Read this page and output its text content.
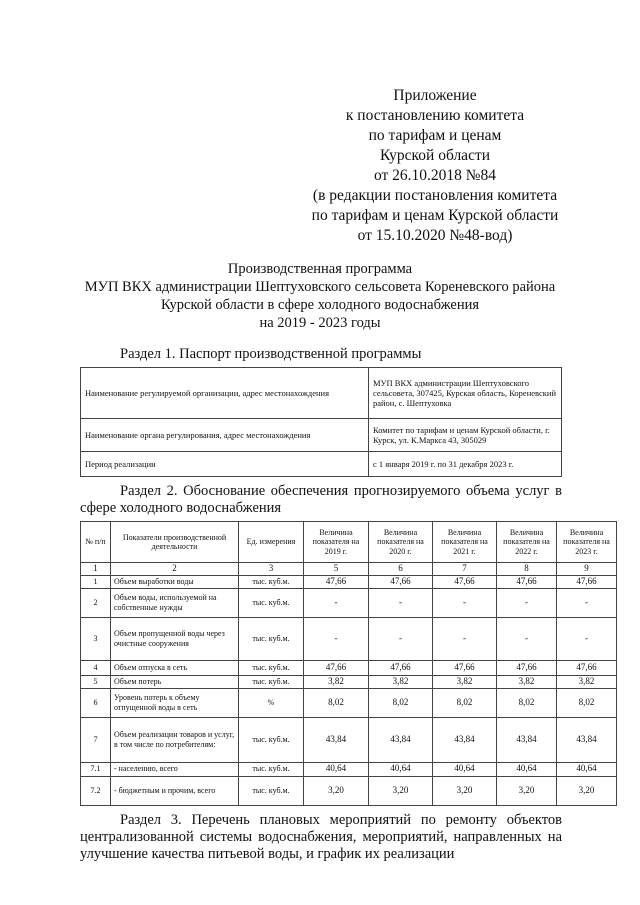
Приложение
к постановлению комитета
по тарифам и ценам
Курской области
от 26.10.2018 №84
(в редакции постановления комитета
по тарифам и ценам Курской области
от 15.10.2020 №48-вод)
Производственная программа
МУП ВКХ администрации Шептуховского сельсовета Кореневского района
Курской области в сфере холодного водоснабжения
на 2019 - 2023 годы
Раздел 1. Паспорт производственной программы
Наименование регулируемой организации, адрес местонахождения	МУП ВКХ администрации Шептуховского сельсовета, 307425, Курская область, Кореневский район, с. Шептуховка
Наименование органа регулирования, адрес местонахождения	Комитет по тарифам и ценам Курской области, г. Курск, ул. К.Маркса 43, 305029
Период реализации	с 1 января 2019 г. по 31 декабря 2023 г.
Раздел 2. Обоснование обеспечения прогнозируемого объема услуг в сфере холодного водоснабжения
№ п/п	Показатели производственной деятельности	Ед. измерения	Величина показателя на 2019 г.	Величина показателя на 2020 г.	Величина показателя на 2021 г.	Величина показателя на 2022 г.	Величина показателя на 2023 г.
1	2	3	5	6	7	8	9
1	Объем выработки воды	тыс. куб.м.	47,66	47,66	47,66	47,66	47,66
2	Объем воды, используемой на собственные нужды	тыс. куб.м.	-	-	-	-	-
3	Объем пропущенной воды через очистные сооружения	тыс. куб.м.	-	-	-	-	-
4	Объем отпуска в сеть	тыс. куб.м.	47,66	47,66	47,66	47,66	47,66
5	Объем потерь	тыс. куб.м.	3,82	3,82	3,82	3,82	3,82
6	Уровень потерь к объему отпущенной воды в сеть	%	8,02	8,02	8,02	8,02	8,02
7	Объем реализации товаров и услуг, в том числе по потребителям:	тыс. куб.м.	43,84	43,84	43,84	43,84	43,84
7.1	- населению, всего	тыс. куб.м.	40,64	40,64	40,64	40,64	40,64
7.2	- бюджетным и прочим, всего	тыс. куб.м.	3,20	3,20	3,20	3,20	3,20
Раздел 3. Перечень плановых мероприятий по ремонту объектов централизованной системы водоснабжения, мероприятий, направленных на улучшение качества питьевой воды, и график их реализации
